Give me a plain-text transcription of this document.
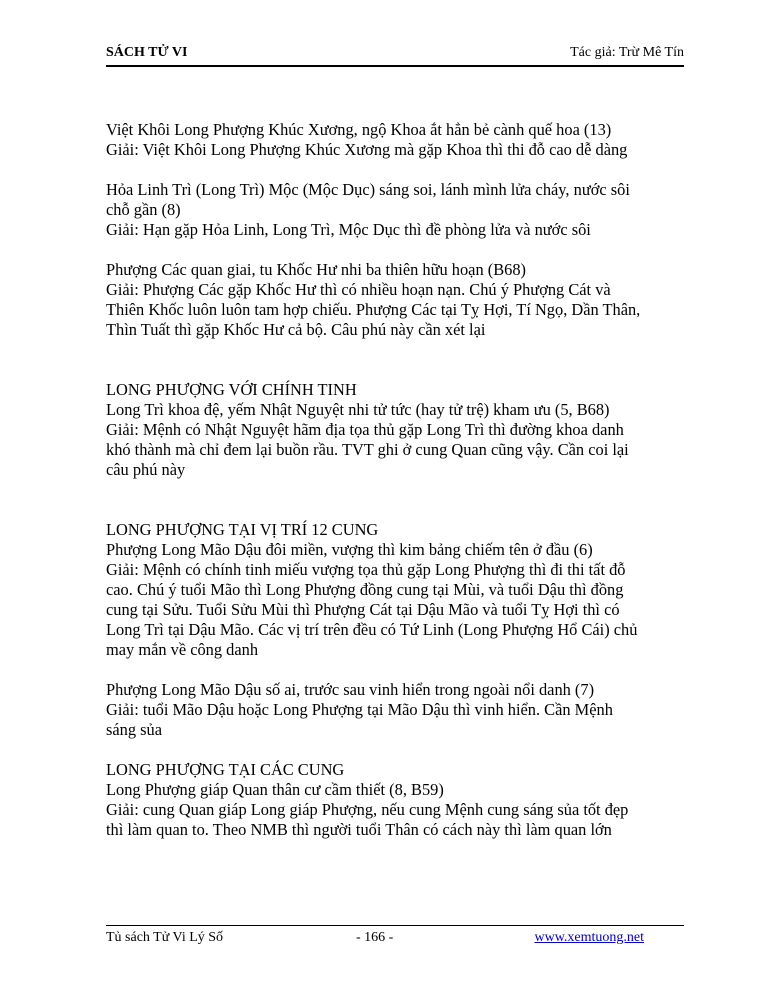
SÁCH TỬ VI	Tác giả: Trừ Mê Tín

Việt Khôi Long Phượng Khúc Xương, ngộ Khoa ắt hẳn bẻ cành quế hoa (13)

Giải: Việt Khôi Long Phượng Khúc Xương mà gặp Khoa thì thi đỗ cao dễ dàng

Hỏa Linh Trì (Long Trì) Mộc (Mộc Dục) sáng soi, lánh mình lửa cháy, nước sôi

chỗ gần (8)

Giải: Hạn gặp Hỏa Linh, Long Trì, Mộc Dục thì đề phòng lửa và nước sôi

Phượng Các quan giai, tu Khốc Hư nhi ba thiên hữu hoạn (B68)

Giải: Phượng Các gặp Khốc Hư thì có nhiều hoạn nạn. Chú ý Phượng Cát và

Thiên Khốc luôn luôn tam hợp chiếu. Phượng Các tại Tỵ Hợi, Tí Ngọ, Dần Thân,

Thìn Tuất thì gặp Khốc Hư cả bộ. Câu phú này cần xét lại

LONG PHƯỢNG VỚI CHÍNH TINH

Long Trì khoa đệ, yếm Nhật Nguyệt nhi tử tức (hay tử trệ) kham ưu (5, B68)

Giải: Mệnh có Nhật Nguyệt hãm địa tọa thủ gặp Long Trì thì đường khoa danh

khó thành mà chỉ đem lại buồn rầu. TVT ghi ở cung Quan cũng vậy. Cần coi lại

câu phú này

LONG PHƯỢNG TẠI VỊ TRÍ 12 CUNG

Phượng Long Mão Dậu đôi miền, vượng thì kim bảng chiếm tên ở đầu (6)

Giải: Mệnh có chính tinh miếu vượng tọa thủ gặp Long Phượng thì đi thi tất đỗ

cao. Chú ý tuổi Mão thì Long Phượng đồng cung tại Mùi, và tuổi Dậu thì đồng

cung tại Sửu. Tuổi Sửu Mùi thì Phượng Cát tại Dậu Mão và tuổi Tỵ Hợi thì có

Long Trì tại Dậu Mão. Các vị trí trên đều có Tứ Linh (Long Phượng Hổ Cái) chủ

may mắn về công danh

Phượng Long Mão Dậu số ai, trước sau vinh hiển trong ngoài nổi danh (7)

Giải: tuổi Mão Dậu hoặc Long Phượng tại Mão Dậu thì vinh hiển. Cần Mệnh

sáng sủa

LONG PHƯỢNG TẠI CÁC CUNG

Long Phượng giáp Quan thân cư cầm thiết (8, B59)

Giải: cung Quan giáp Long giáp Phượng, nếu cung Mệnh cung sáng sủa tốt đẹp

thì làm quan to. Theo NMB thì người tuổi Thân có cách này thì làm quan lớn

Tủ sách Tử Vi Lý Số	- 166 -	www.xemtuong.net
